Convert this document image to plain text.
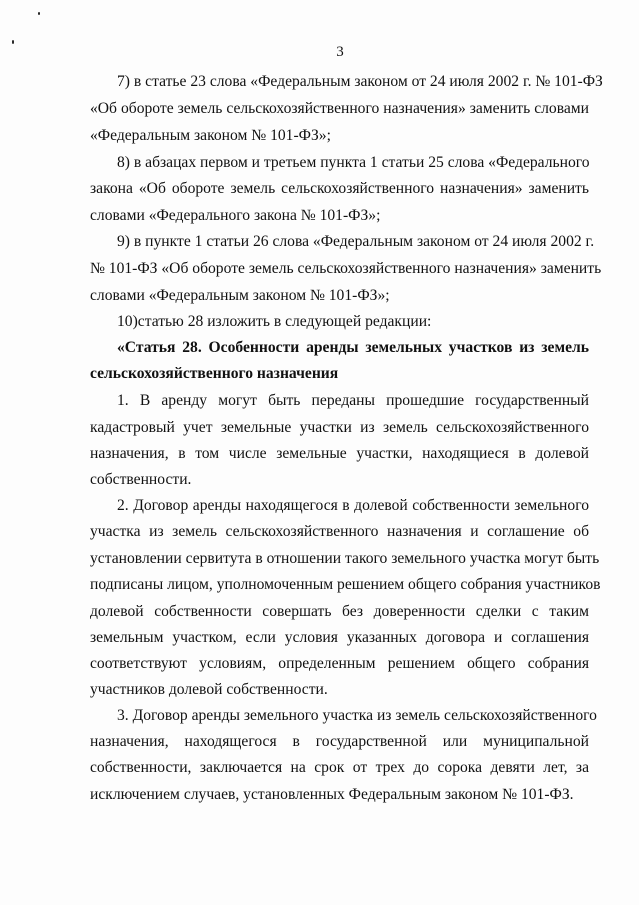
3
7) в статье 23 слова «Федеральным законом от 24 июля 2002 г. № 101-ФЗ
«Об обороте земель сельскохозяйственного назначения» заменить словами
«Федеральным законом № 101-ФЗ»;
8) в абзацах первом и третьем пункта 1 статьи 25 слова «Федерального
закона «Об обороте земель сельскохозяйственного назначения» заменить
словами «Федерального закона № 101-ФЗ»;
9) в пункте 1 статьи 26 слова «Федеральным законом от 24 июля 2002 г.
№ 101-ФЗ «Об обороте земель сельскохозяйственного назначения» заменить
словами «Федеральным законом № 101-ФЗ»;
10)статью 28 изложить в следующей редакции:
«Статья 28. Особенности аренды земельных участков из земель
сельскохозяйственного назначения
1. В аренду могут быть переданы прошедшие государственный
кадастровый учет земельные участки из земель сельскохозяйственного
назначения, в том числе земельные участки, находящиеся в долевой
собственности.
2. Договор аренды находящегося в долевой собственности земельного
участка из земель сельскохозяйственного назначения и соглашение об
установлении сервитута в отношении такого земельного участка могут быть
подписаны лицом, уполномоченным решением общего собрания участников
долевой собственности совершать без доверенности сделки с таким
земельным участком, если условия указанных договора и соглашения
соответствуют условиям, определенным решением общего собрания
участников долевой собственности.
3. Договор аренды земельного участка из земель сельскохозяйственного
назначения, находящегося в государственной или муниципальной
собственности, заключается на срок от трех до сорока девяти лет, за
исключением случаев, установленных Федеральным законом № 101-ФЗ.
